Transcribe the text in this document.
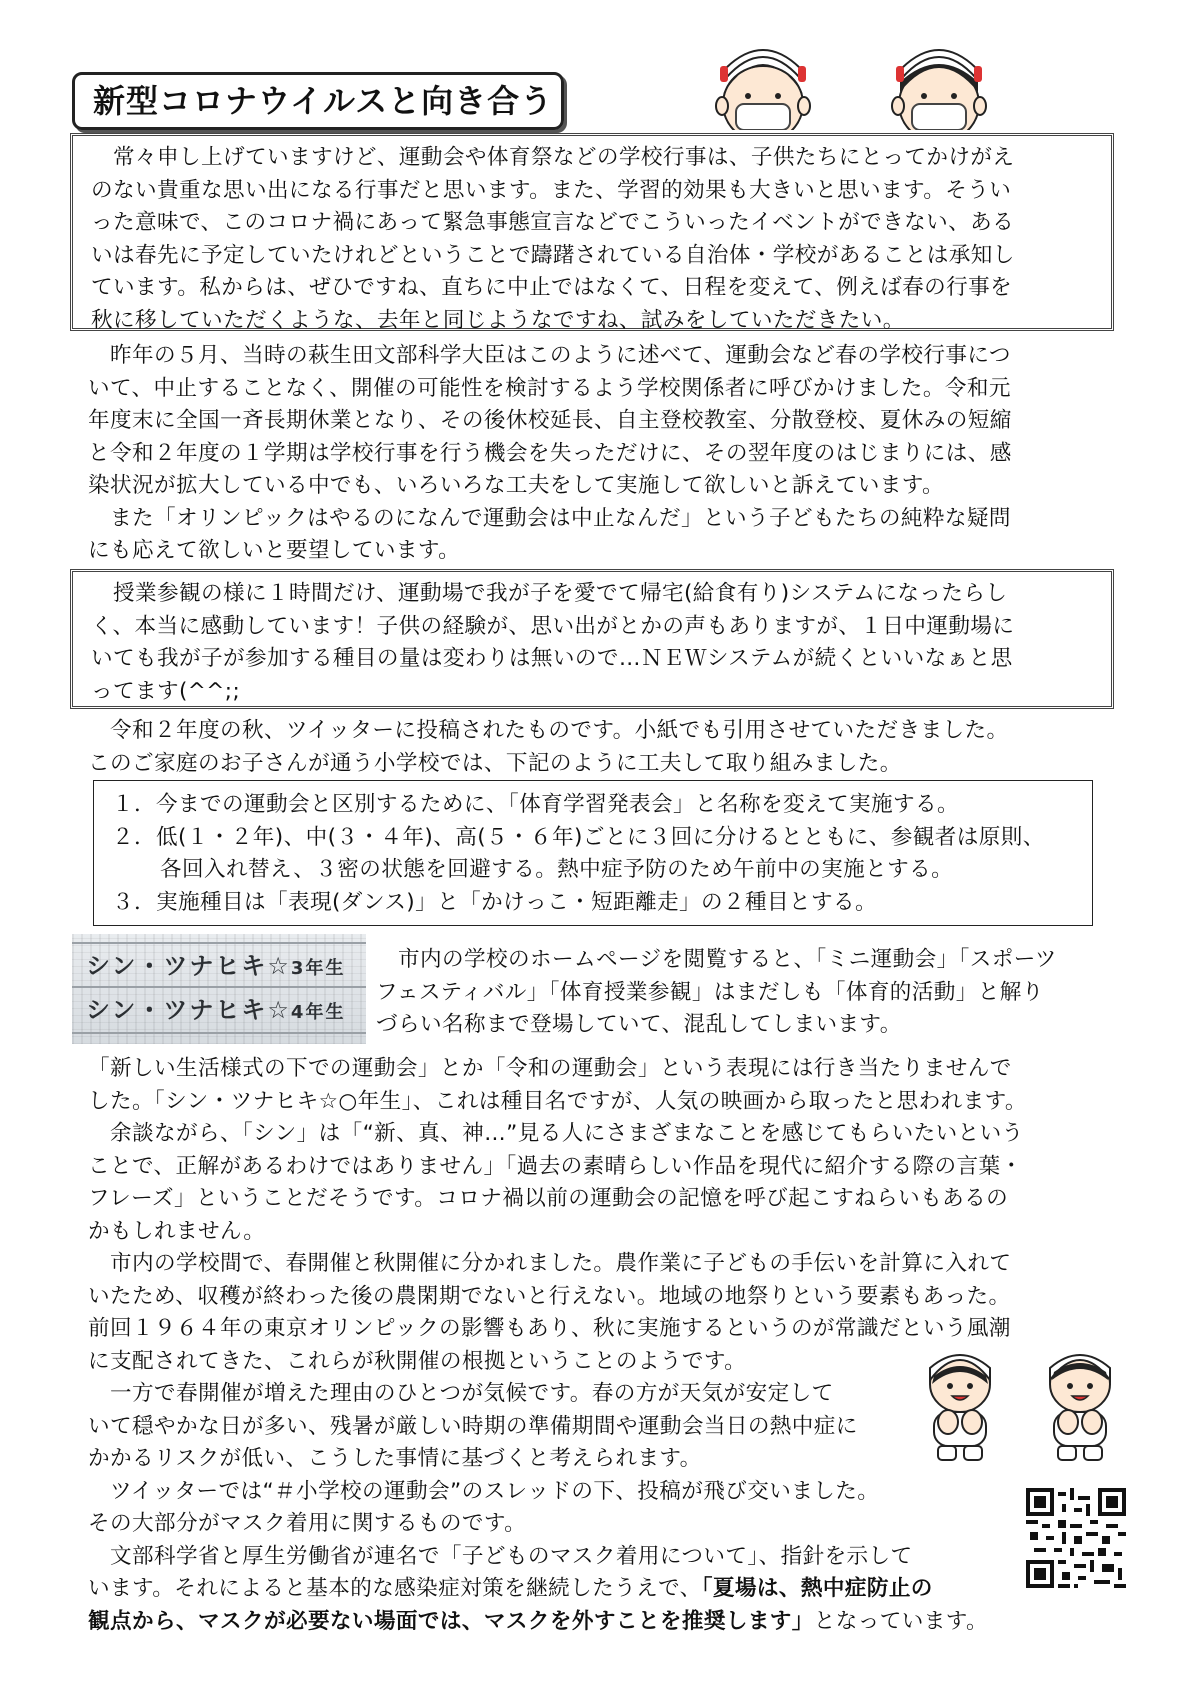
新型コロナウイルスと向き合う

常々申し上げていますけど、運動会や体育祭などの学校行事は、子供たちにとってかけがえ
のない貴重な思い出になる行事だと思います。また、学習的効果も大きいと思います。そうい
った意味で、このコロナ禍にあって緊急事態宣言などでこういったイベントができない、ある
いは春先に予定していたけれどということで躊躇されている自治体・学校があることは承知し
ています。私からは、ぜひですね、直ちに中止ではなくて、日程を変えて、例えば春の行事を
秋に移していただくような、去年と同じようなですね、試みをしていただきたい。

昨年の５月、当時の萩生田文部科学大臣はこのように述べて、運動会など春の学校行事につ
いて、中止することなく、開催の可能性を検討するよう学校関係者に呼びかけました。令和元
年度末に全国一斉長期休業となり、その後休校延長、自主登校教室、分散登校、夏休みの短縮
と令和２年度の１学期は学校行事を行う機会を失っただけに、その翌年度のはじまりには、感
染状況が拡大している中でも、いろいろな工夫をして実施して欲しいと訴えています。
また「オリンピックはやるのになんで運動会は中止なんだ」という子どもたちの純粋な疑問
にも応えて欲しいと要望しています。

授業参観の様に１時間だけ、運動場で我が子を愛でて帰宅(給食有り)システムになったらし
く、本当に感動しています！子供の経験が、思い出がとかの声もありますが、１日中運動場に
いても我が子が参加する種目の量は変わりは無いので…ＮＥＷシステムが続くといいなぁと思
ってます(^^;;

令和２年度の秋、ツイッターに投稿されたものです。小紙でも引用させていただきました。
このご家庭のお子さんが通う小学校では、下記のように工夫して取り組みました。

１．今までの運動会と区別するために、「体育学習発表会」と名称を変えて実施する。
２．低(１・２年)、中(３・４年)、高(５・６年)ごとに３回に分けるとともに、参観者は原則、
各回入れ替え、３密の状態を回避する。熱中症予防のため午前中の実施とする。
３．実施種目は「表現(ダンス)」と「かけっこ・短距離走」の２種目とする。
シン・ツナヒキ☆3年生
シン・ツナヒキ☆4年生

市内の学校のホームページを閲覧すると、「ミニ運動会」「スポーツ
フェスティバル」「体育授業参観」はまだしも「体育的活動」と解り
づらい名称まで登場していて、混乱してしまいます。

「新しい生活様式の下での運動会」とか「令和の運動会」という表現には行き当たりませんで
した。「シン・ツナヒキ☆○年生」、これは種目名ですが、人気の映画から取ったと思われます。
余談ながら、「シン」は「“新、真、神…”見る人にさまざまなことを感じてもらいたいという
ことで、正解があるわけではありません」「過去の素晴らしい作品を現代に紹介する際の言葉・
フレーズ」ということだそうです。コロナ禍以前の運動会の記憶を呼び起こすねらいもあるの
かもしれません。
市内の学校間で、春開催と秋開催に分かれました。農作業に子どもの手伝いを計算に入れて
いたため、収穫が終わった後の農閑期でないと行えない。地域の地祭りという要素もあった。
前回１９６４年の東京オリンピックの影響もあり、秋に実施するというのが常識だという風潮
に支配されてきた、これらが秋開催の根拠ということのようです。

一方で春開催が増えた理由のひとつが気候です。春の方が天気が安定して
いて穏やかな日が多い、残暑が厳しい時期の準備期間や運動会当日の熱中症に
かかるリスクが低い、こうした事情に基づくと考えられます。
ツイッターでは“＃小学校の運動会”のスレッドの下、投稿が飛び交いました。
その大部分がマスク着用に関するものです。
文部科学省と厚生労働省が連名で「子どものマスク着用について」、指針を示して
います。それによると基本的な感染症対策を継続したうえで、「夏場は、熱中症防止の
観点から、マスクが必要ない場面では、マスクを外すことを推奨します」となっています。
